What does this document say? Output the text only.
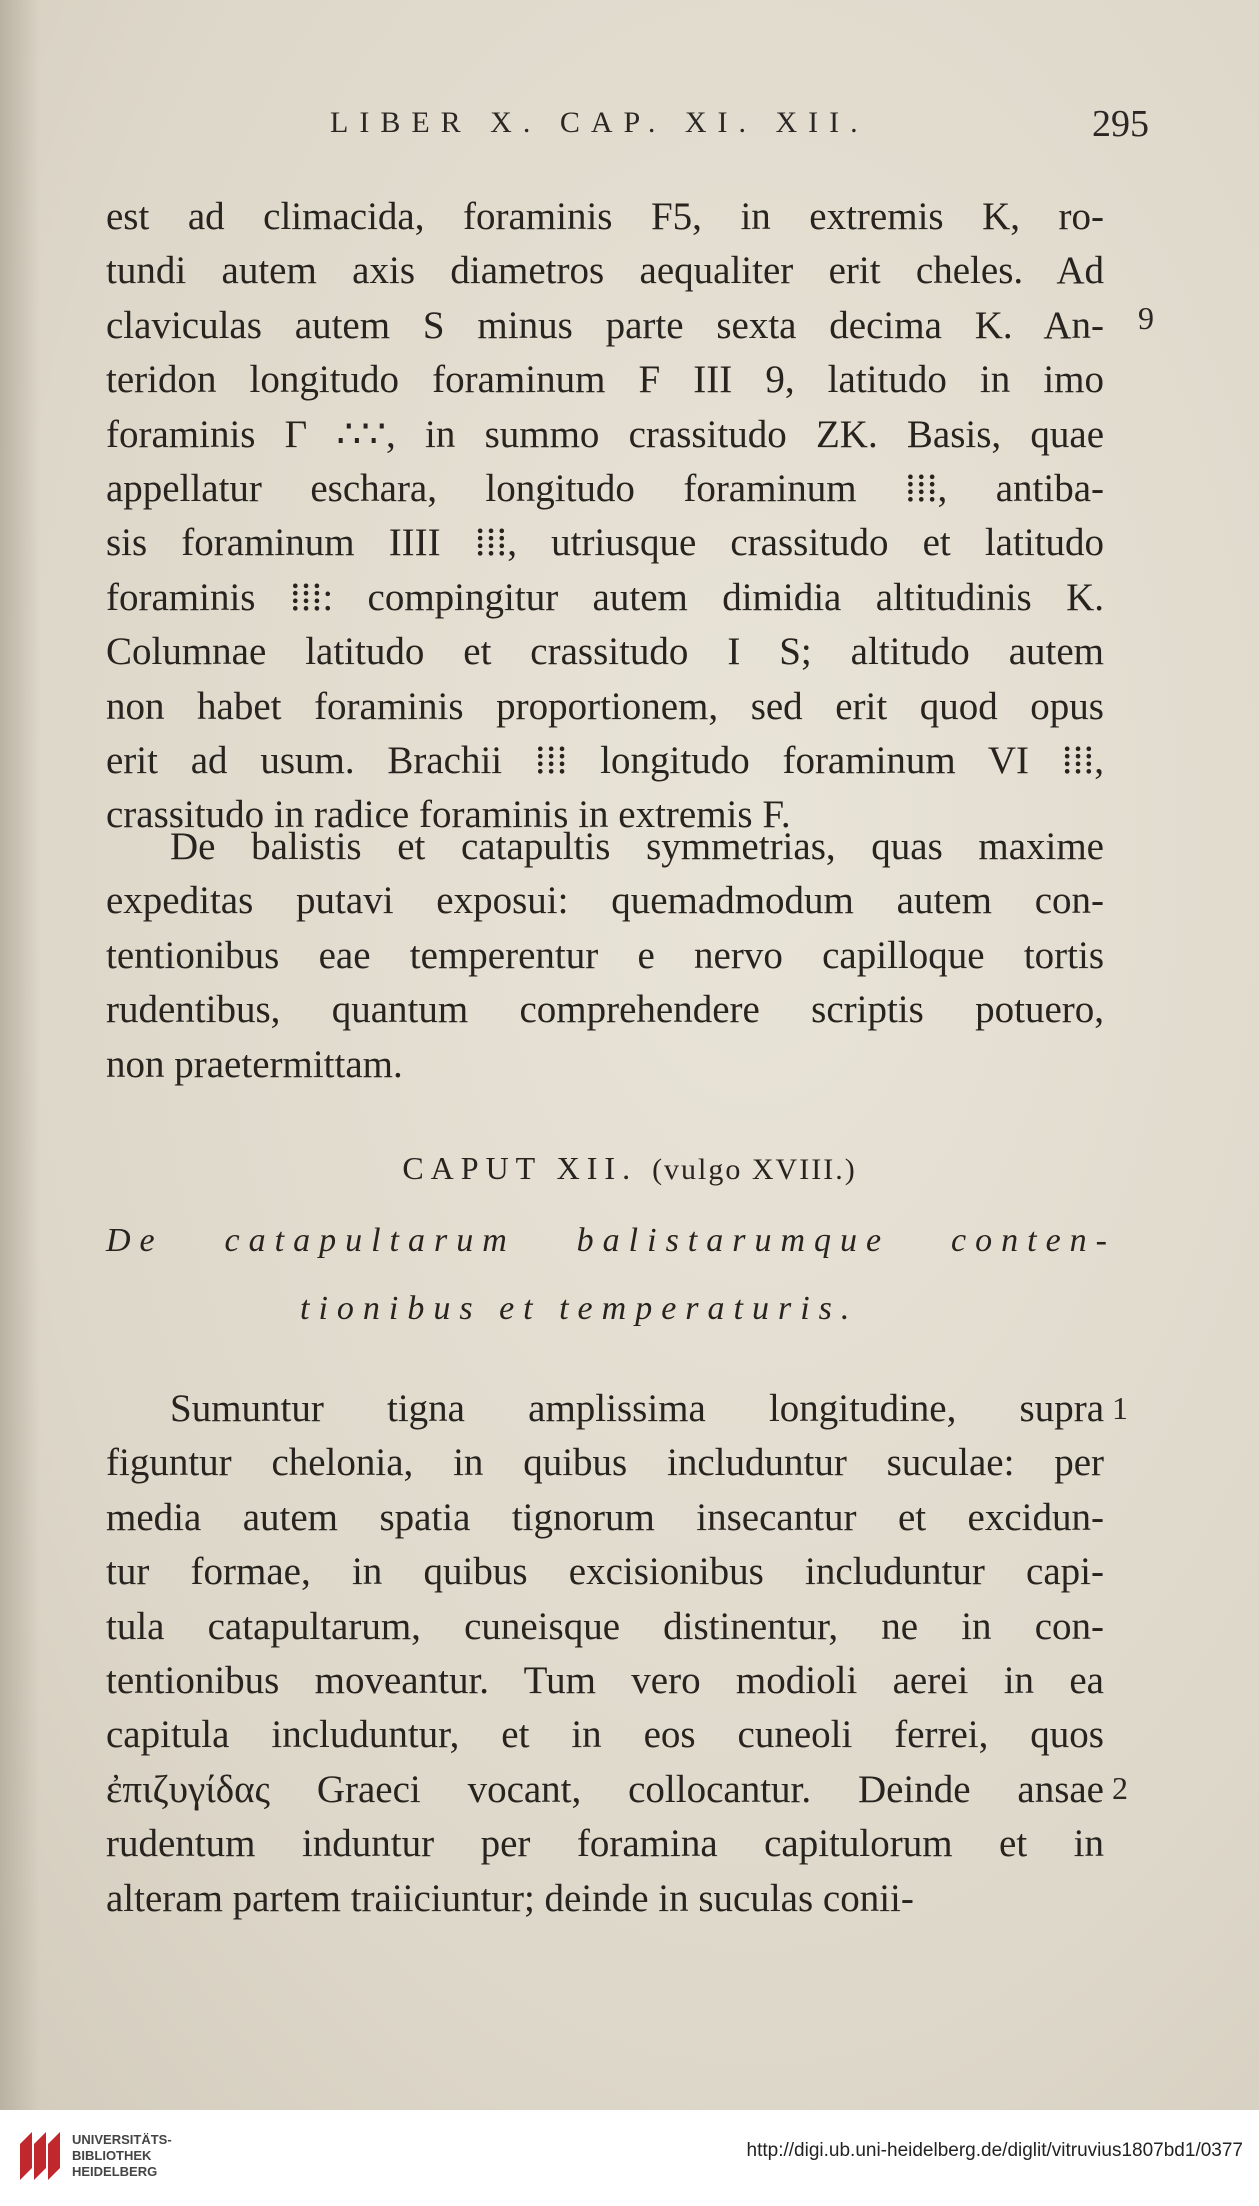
LIBER X. CAP. XI. XII.	295
est ad climacida, foraminis F5, in extremis K, ro-
tundi autem axis diametros aequaliter erit cheles. Ad
claviculas autem S minus parte sexta decima K. An-
teridon longitudo foraminum F III 9, latitudo in imo
foraminis Γ ∴∵, in summo crassitudo ZK. Basis, quae
appellatur eschara, longitudo foraminum ⁞⁞⁞, antiba-
sis foraminum IIII ⁞⁞⁞, utriusque crassitudo et latitudo
foraminis ⁞⁞⁞: compingitur autem dimidia altitudinis K.
Columnae latitudo et crassitudo I S; altitudo autem
non habet foraminis proportionem, sed erit quod opus
erit ad usum. Brachii ⁞⁞⁞ longitudo foraminum VI ⁞⁞⁞,
crassitudo in radice foraminis in extremis F.
De balistis et catapultis symmetrias, quas maxime
expeditas putavi exposui: quemadmodum autem con-
tentionibus eae temperentur e nervo capilloque tortis
rudentibus, quantum comprehendere scriptis potuero,
non praetermittam.
CAPUT XII. (vulgo XVIII.)
De catapultarum balistarumque conten-
tionibus et temperaturis.
Sumuntur tigna amplissima longitudine, supra
figuntur chelonia, in quibus includuntur suculae: per
media autem spatia tignorum insecantur et excidun-
tur formae, in quibus excisionibus includuntur capi-
tula catapultarum, cuneisque distinentur, ne in con-
tentionibus moveantur. Tum vero modioli aerei in ea
capitula includuntur, et in eos cuneoli ferrei, quos
ἐπιζυγίδας Graeci vocant, collocantur. Deinde ansae
rudentum induntur per foramina capitulorum et in
alteram partem traiiciuntur; deinde in suculas conii-
9
1
2
UNIVERSITÄTS-
BIBLIOTHEK
HEIDELBERG
http://digi.ub.uni-heidelberg.de/diglit/vitruvius1807bd1/0377
